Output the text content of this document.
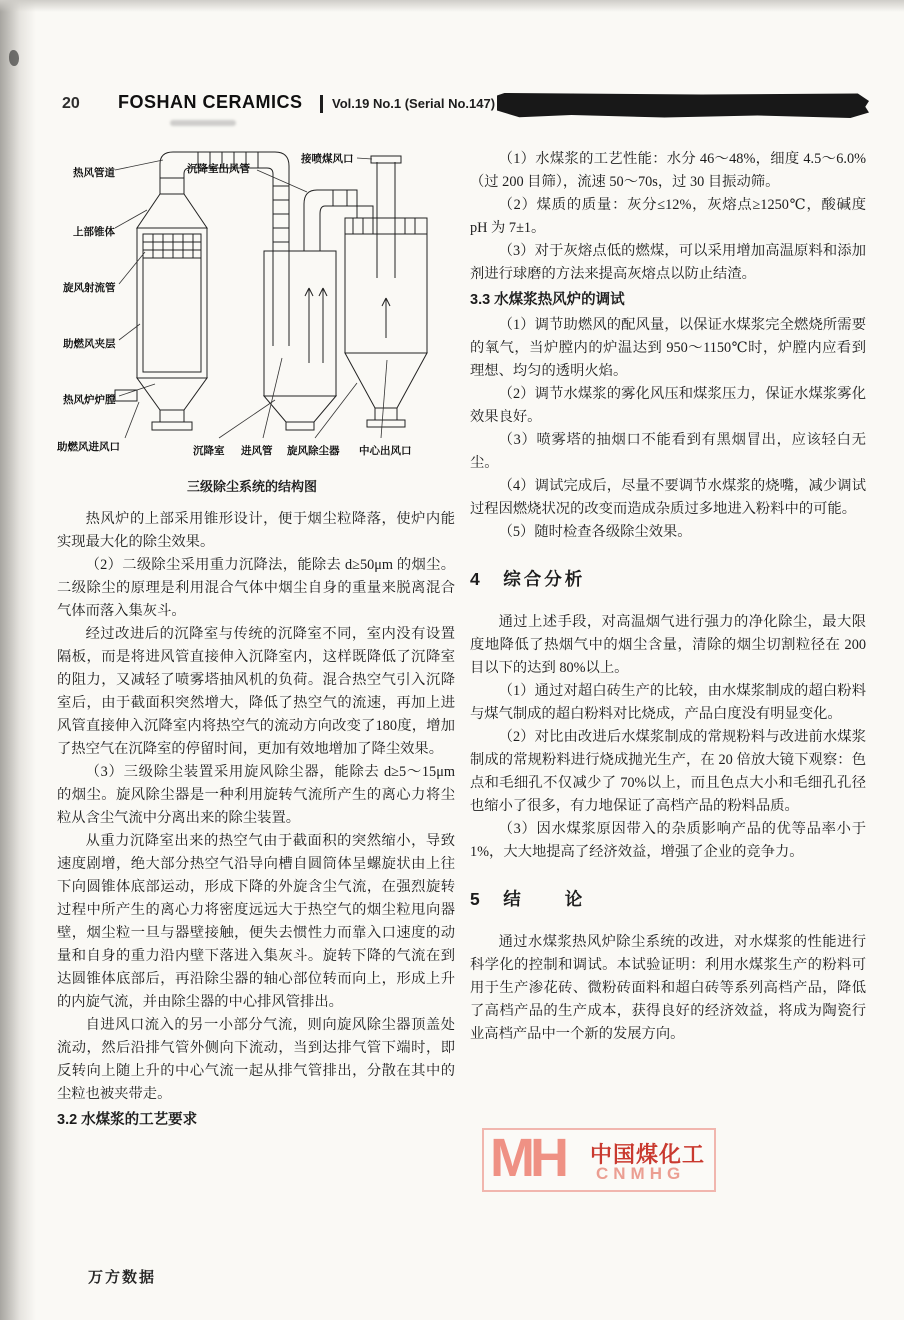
20 FOSHAN CERAMICS Vol.19 No.1 (Serial No.147)
热风管道
上部锥体
旋风射流管
助燃风夹层
热风炉炉膛
助燃风进风口
沉降室出风管
接喷煤风口
沉降室 进风管 旋风除尘器 中心出风口
三级除尘系统的结构图

热风炉的上部采用锥形设计，便于烟尘粒降落，使炉内能实现最大化的除尘效果。

（2）二级除尘采用重力沉降法，能除去 d≥50μm 的烟尘。二级除尘的原理是利用混合气体中烟尘自身的重量来脱离混合气体而落入集灰斗。

经过改进后的沉降室与传统的沉降室不同，室内没有设置隔板，而是将进风管直接伸入沉降室内，这样既降低了沉降室的阻力，又减轻了喷雾塔抽风机的负荷。混合热空气引入沉降室后，由于截面积突然增大，降低了热空气的流速，再加上进风管直接伸入沉降室内将热空气的流动方向改变了180度，增加了热空气在沉降室的停留时间，更加有效地增加了降尘效果。

（3）三级除尘装置采用旋风除尘器，能除去 d≥5～15μm 的烟尘。旋风除尘器是一种利用旋转气流所产生的离心力将尘粒从含尘气流中分离出来的除尘装置。

从重力沉降室出来的热空气由于截面积的突然缩小，导致速度剧增，绝大部分热空气沿导向槽自圆筒体呈螺旋状由上往下向圆锥体底部运动，形成下降的外旋含尘气流，在强烈旋转过程中所产生的离心力将密度远远大于热空气的烟尘粒甩向器壁，烟尘粒一旦与器壁接触，便失去惯性力而靠入口速度的动量和自身的重力沿内壁下落进入集灰斗。旋转下降的气流在到达圆锥体底部后，再沿除尘器的轴心部位转而向上，形成上升的内旋气流，并由除尘器的中心排风管排出。

自进风口流入的另一小部分气流，则向旋风除尘器顶盖处流动，然后沿排气管外侧向下流动，当到达排气管下端时，即反转向上随上升的中心气流一起从排气管排出，分散在其中的尘粒也被夹带走。

3.2 水煤浆的工艺要求

（1）水煤浆的工艺性能：水分 46～48%，细度 4.5～6.0%（过 200 目筛），流速 50～70s，过 30 目振动筛。

（2）煤质的质量：灰分≤12%，灰熔点≥1250℃，酸碱度 pH 为 7±1。

（3）对于灰熔点低的燃煤，可以采用增加高温原料和添加剂进行球磨的方法来提高灰熔点以防止结渣。

3.3 水煤浆热风炉的调试

（1）调节助燃风的配风量，以保证水煤浆完全燃烧所需要的氧气，当炉膛内的炉温达到 950～1150℃时，炉膛内应看到理想、均匀的透明火焰。

（2）调节水煤浆的雾化风压和煤浆压力，保证水煤浆雾化效果良好。

（3）喷雾塔的抽烟口不能看到有黑烟冒出，应该轻白无尘。

（4）调试完成后，尽量不要调节水煤浆的烧嘴，减少调试过程因燃烧状况的改变而造成杂质过多地进入粉料中的可能。

（5）随时检查各级除尘效果。

4　综合分析

通过上述手段，对高温烟气进行强力的净化除尘，最大限度地降低了热烟气中的烟尘含量，清除的烟尘切割粒径在 200 目以下的达到 80%以上。

（1）通过对超白砖生产的比较，由水煤浆制成的超白粉料与煤气制成的超白粉料对比烧成，产品白度没有明显变化。

（2）对比由改进后水煤浆制成的常规粉料与改进前水煤浆制成的常规粉料进行烧成抛光生产，在 20 倍放大镜下观察：色点和毛细孔不仅减少了 70%以上，而且色点大小和毛细孔孔径也缩小了很多，有力地保证了高档产品的粉料品质。

（3）因水煤浆原因带入的杂质影响产品的优等品率小于 1%，大大地提高了经济效益，增强了企业的竞争力。

5　结　　论

通过水煤浆热风炉除尘系统的改进，对水煤浆的性能进行科学化的控制和调试。本试验证明：利用水煤浆生产的粉料可用于生产渗花砖、微粉砖面料和超白砖等系列高档产品，降低了高档产品的生产成本，获得良好的经济效益，将成为陶瓷行业高档产品中一个新的发展方向。

MH 中国煤化工
CNMHG
万方数据
